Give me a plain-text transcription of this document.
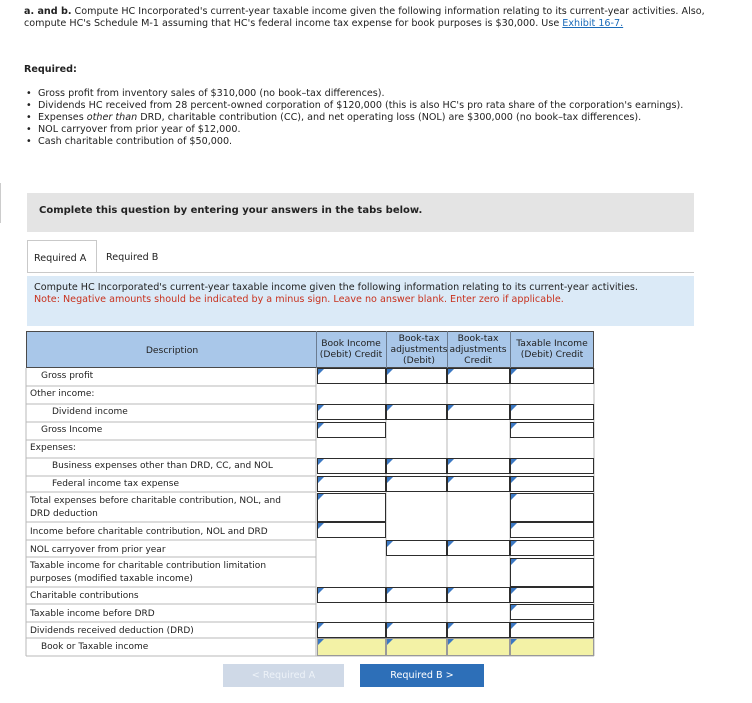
a. and b. Compute HC Incorporated's current-year taxable income given the following information relating to its current-year activities. Also, compute HC's Schedule M-1 assuming that HC's federal income tax expense for book purposes is $30,000. Use Exhibit 16-7.
Required:
• Gross profit from inventory sales of $310,000 (no book–tax differences).
• Dividends HC received from 28 percent-owned corporation of $120,000 (this is also HC's pro rata share of the corporation's earnings).
• Expenses other than DRD, charitable contribution (CC), and net operating loss (NOL) are $300,000 (no book–tax differences).
• NOL carryover from prior year of $12,000.
• Cash charitable contribution of $50,000.
Complete this question by entering your answers in the tabs below.
Required A	Required B
Compute HC Incorporated's current-year taxable income given the following information relating to its current-year activities.
Note: Negative amounts should be indicated by a minus sign. Leave no answer blank. Enter zero if applicable.
Description
Book Income (Debit) Credit
Book-tax adjustments (Debit)
Book-tax adjustments Credit
Taxable Income (Debit) Credit
Gross profit
Other income:
Dividend income
Gross Income
Expenses:
Business expenses other than DRD, CC, and NOL
Federal income tax expense
Total expenses before charitable contribution, NOL, and
DRD deduction
Income before charitable contribution, NOL and DRD
NOL carryover from prior year
Taxable income for charitable contribution limitation
purposes (modified taxable income)
Charitable contributions
Taxable income before DRD
Dividends received deduction (DRD)
Book or Taxable income
< Required A	Required B >
